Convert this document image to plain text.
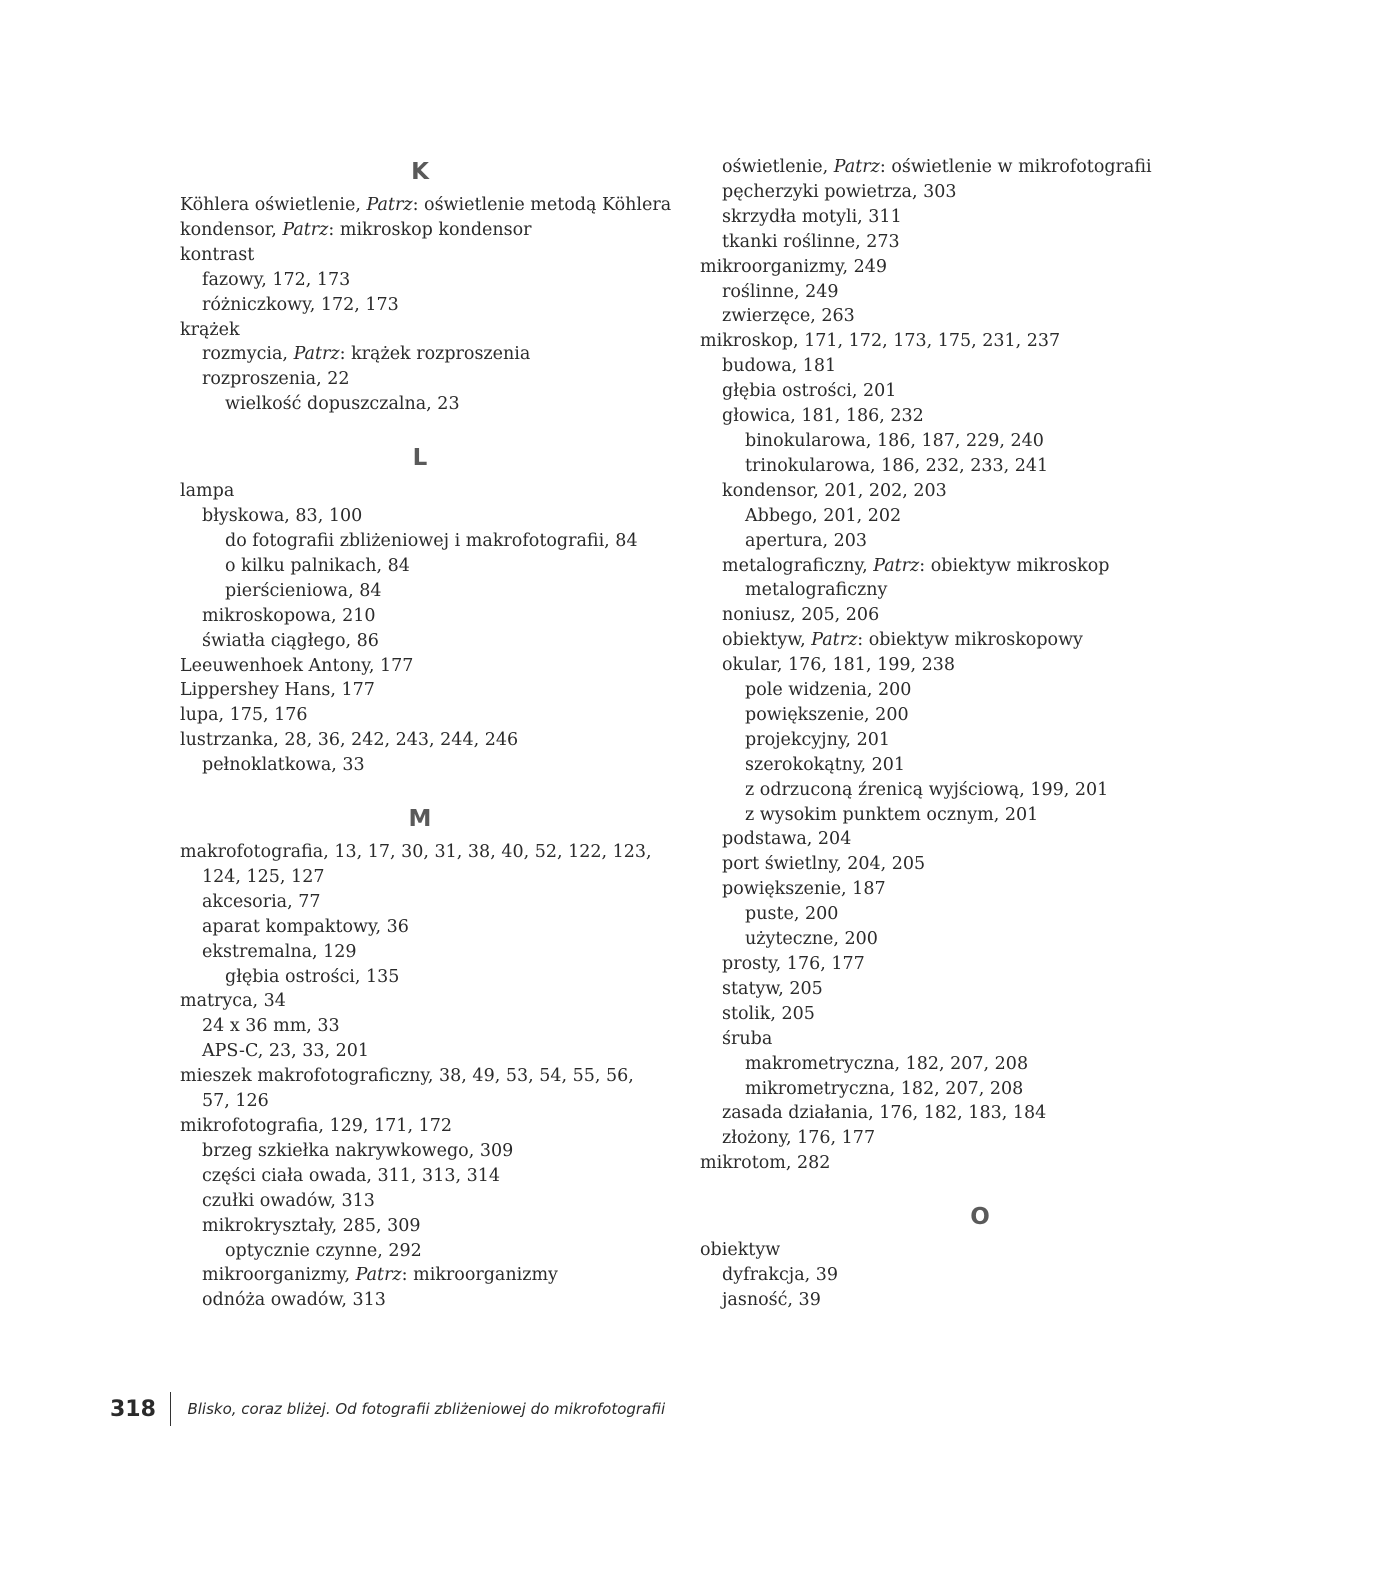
K
Köhlera oświetlenie, Patrz: oświetlenie metodą Köhlera
kondensor, Patrz: mikroskop kondensor
kontrast
fazowy, 172, 173
różniczkowy, 172, 173
krążek
rozmycia, Patrz: krążek rozproszenia
rozproszenia, 22
wielkość dopuszczalna, 23
L
lampa
błyskowa, 83, 100
do fotografii zbliżeniowej i makrofotografii, 84
o kilku palnikach, 84
pierścieniowa, 84
mikroskopowa, 210
światła ciągłego, 86
Leeuwenhoek Antony, 177
Lippershey Hans, 177
lupa, 175, 176
lustrzanka, 28, 36, 242, 243, 244, 246
pełnoklatkowa, 33
M
makrofotografia, 13, 17, 30, 31, 38, 40, 52, 122, 123, 124, 125, 127
akcesoria, 77
aparat kompaktowy, 36
ekstremalna, 129
głębia ostrości, 135
matryca, 34
24 x 36 mm, 33
APS-C, 23, 33, 201
mieszek makrofotograficzny, 38, 49, 53, 54, 55, 56, 57, 126
mikrofotografia, 129, 171, 172
brzeg szkiełka nakrywkowego, 309
części ciała owada, 311, 313, 314
czułki owadów, 313
mikrokryształy, 285, 309
optycznie czynne, 292
mikroorganizmy, Patrz: mikroorganizmy
odnóża owadów, 313
oświetlenie, Patrz: oświetlenie w mikrofotografii
pęcherzyki powietrza, 303
skrzydła motyli, 311
tkanki roślinne, 273
mikroorganizmy, 249
roślinne, 249
zwierzęce, 263
mikroskop, 171, 172, 173, 175, 231, 237
budowa, 181
głębia ostrości, 201
głowica, 181, 186, 232
binokularowa, 186, 187, 229, 240
trinokularowa, 186, 232, 233, 241
kondensor, 201, 202, 203
Abbego, 201, 202
apertura, 203
metalograficzny, Patrz: obiektyw mikroskop
metalograficzny
noniusz, 205, 206
obiektyw, Patrz: obiektyw mikroskopowy
okular, 176, 181, 199, 238
pole widzenia, 200
powiększenie, 200
projekcyjny, 201
szerokokątny, 201
z odrzuconą źrenicą wyjściową, 199, 201
z wysokim punktem ocznym, 201
podstawa, 204
port świetlny, 204, 205
powiększenie, 187
puste, 200
użyteczne, 200
prosty, 176, 177
statyw, 205
stolik, 205
śruba
makrometryczna, 182, 207, 208
mikrometryczna, 182, 207, 208
zasada działania, 176, 182, 183, 184
złożony, 176, 177
mikrotom, 282
O
obiektyw
dyfrakcja, 39
jasność, 39
318 Blisko, coraz bliżej. Od fotografii zbliżeniowej do mikrofotografii
